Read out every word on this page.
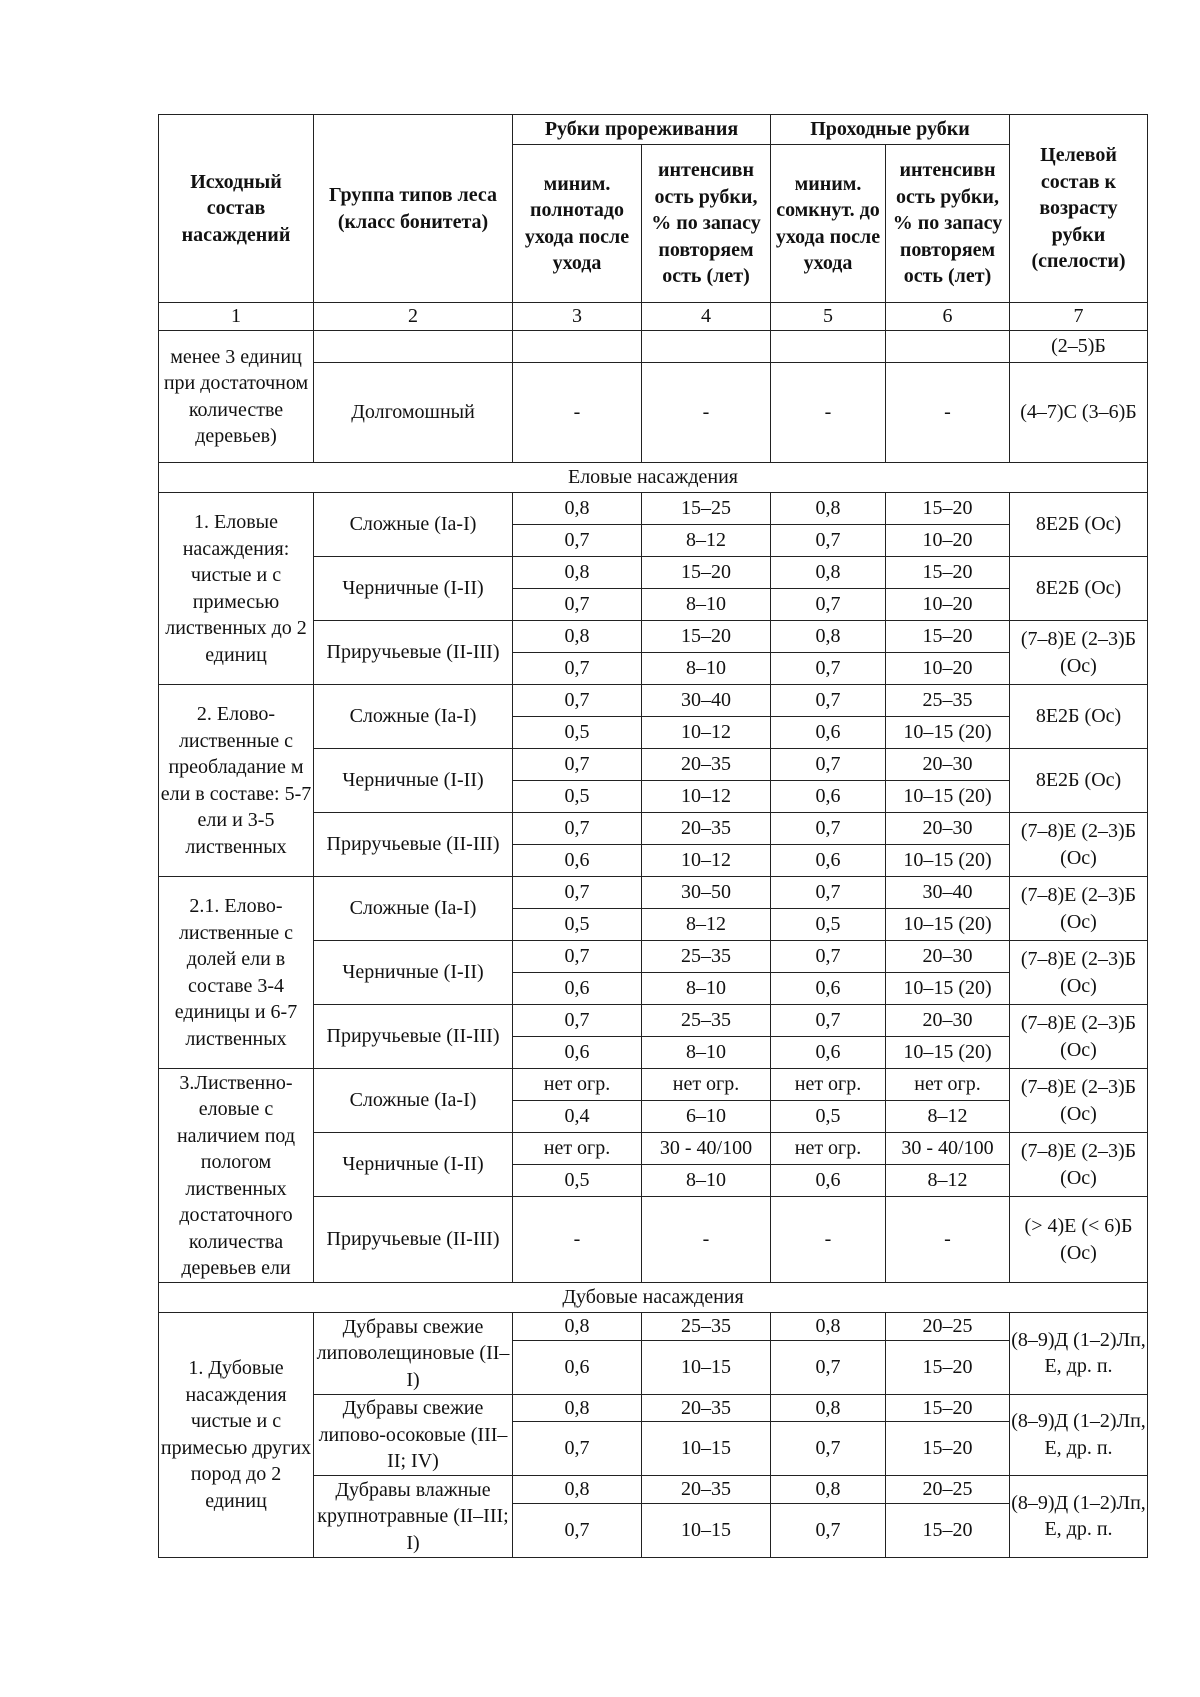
Исходный состав насаждений	Группа типов леса (класс бонитета)	Рубки прореживания		Проходные рубки		Целевой состав к возрасту рубки (спелости)
		миним. полнотадо ухода после ухода	интенсивн ость рубки, % по запасу повторяем ость (лет)	миним. сомкнут. до ухода после ухода	интенсивн ость рубки, % по запасу повторяем ость (лет)	
1	2	3	4	5	6	7
менее 3 единиц при достаточном количестве деревьев)						(2–5)Б
	Долгомошный	-	-	-	-	(4–7)С (3–6)Б
Еловые насаждения						
1. Еловые насаждения: чистые и с примесью лиственных до 2 единиц	Сложные (Ia-I)	0,8	15–25	0,8	15–20	8Е2Б (Ос)
		0,7	8–12	0,7	10–20	
	Черничные (I-II)	0,8	15–20	0,8	15–20	8Е2Б (Ос)
		0,7	8–10	0,7	10–20	
	Приручьевые (II-III)	0,8	15–20	0,8	15–20	(7–8)Е (2–3)Б (Ос)
		0,7	8–10	0,7	10–20	
2. Елово-лиственные с преобладание м ели в составе: 5-7 ели и 3-5 лиственных	Сложные (Ia-I)	0,7	30–40	0,7	25–35	8Е2Б (Ос)
		0,5	10–12	0,6	10–15 (20)	
	Черничные (I-II)	0,7	20–35	0,7	20–30	8Е2Б (Ос)
		0,5	10–12	0,6	10–15 (20)	
	Приручьевые (II-III)	0,7	20–35	0,7	20–30	(7–8)Е (2–3)Б (Ос)
		0,6	10–12	0,6	10–15 (20)	
2.1. Елово-лиственные с долей ели в составе 3-4 единицы и 6-7 лиственных	Сложные (Ia-I)	0,7	30–50	0,7	30–40	(7–8)Е (2–3)Б (Ос)
		0,5	8–12	0,5	10–15 (20)	
	Черничные (I-II)	0,7	25–35	0,7	20–30	(7–8)Е (2–3)Б (Ос)
		0,6	8–10	0,6	10–15 (20)	
	Приручьевые (II-III)	0,7	25–35	0,7	20–30	(7–8)Е (2–3)Б (Ос)
		0,6	8–10	0,6	10–15 (20)	
3.Лиственно-еловые с наличием под пологом лиственных достаточного количества деревьев ели	Сложные (Ia-I)	нет огр.	нет огр.	нет огр.	нет огр.	(7–8)Е (2–3)Б (Ос)
		0,4	6–10	0,5	8–12	
	Черничные (I-II)	нет огр.	30 - 40/100	нет огр.	30 - 40/100	(7–8)Е (2–3)Б (Ос)
		0,5	8–10	0,6	8–12	
	Приручьевые (II-III)	-	-	-	-	(> 4)Е (< 6)Б (Ос)
Дубовые насаждения						
1. Дубовые насаждения чистые и с примесью других пород до 2 единиц	Дубравы свежие липоволещиновые (II–I)	0,8	25–35	0,8	20–25	(8–9)Д (1–2)Лп, Е, др. п.
		0,6	10–15	0,7	15–20	
	Дубравы свежие липово-осоковые (III–II; IV)	0,8	20–35	0,8	15–20	(8–9)Д (1–2)Лп, Е, др. п.
		0,7	10–15	0,7	15–20	
	Дубравы влажные крупнотравные (II–III; I)	0,8	20–35	0,8	20–25	(8–9)Д (1–2)Лп, Е, др. п.
		0,7	10–15	0,7	15–20	
